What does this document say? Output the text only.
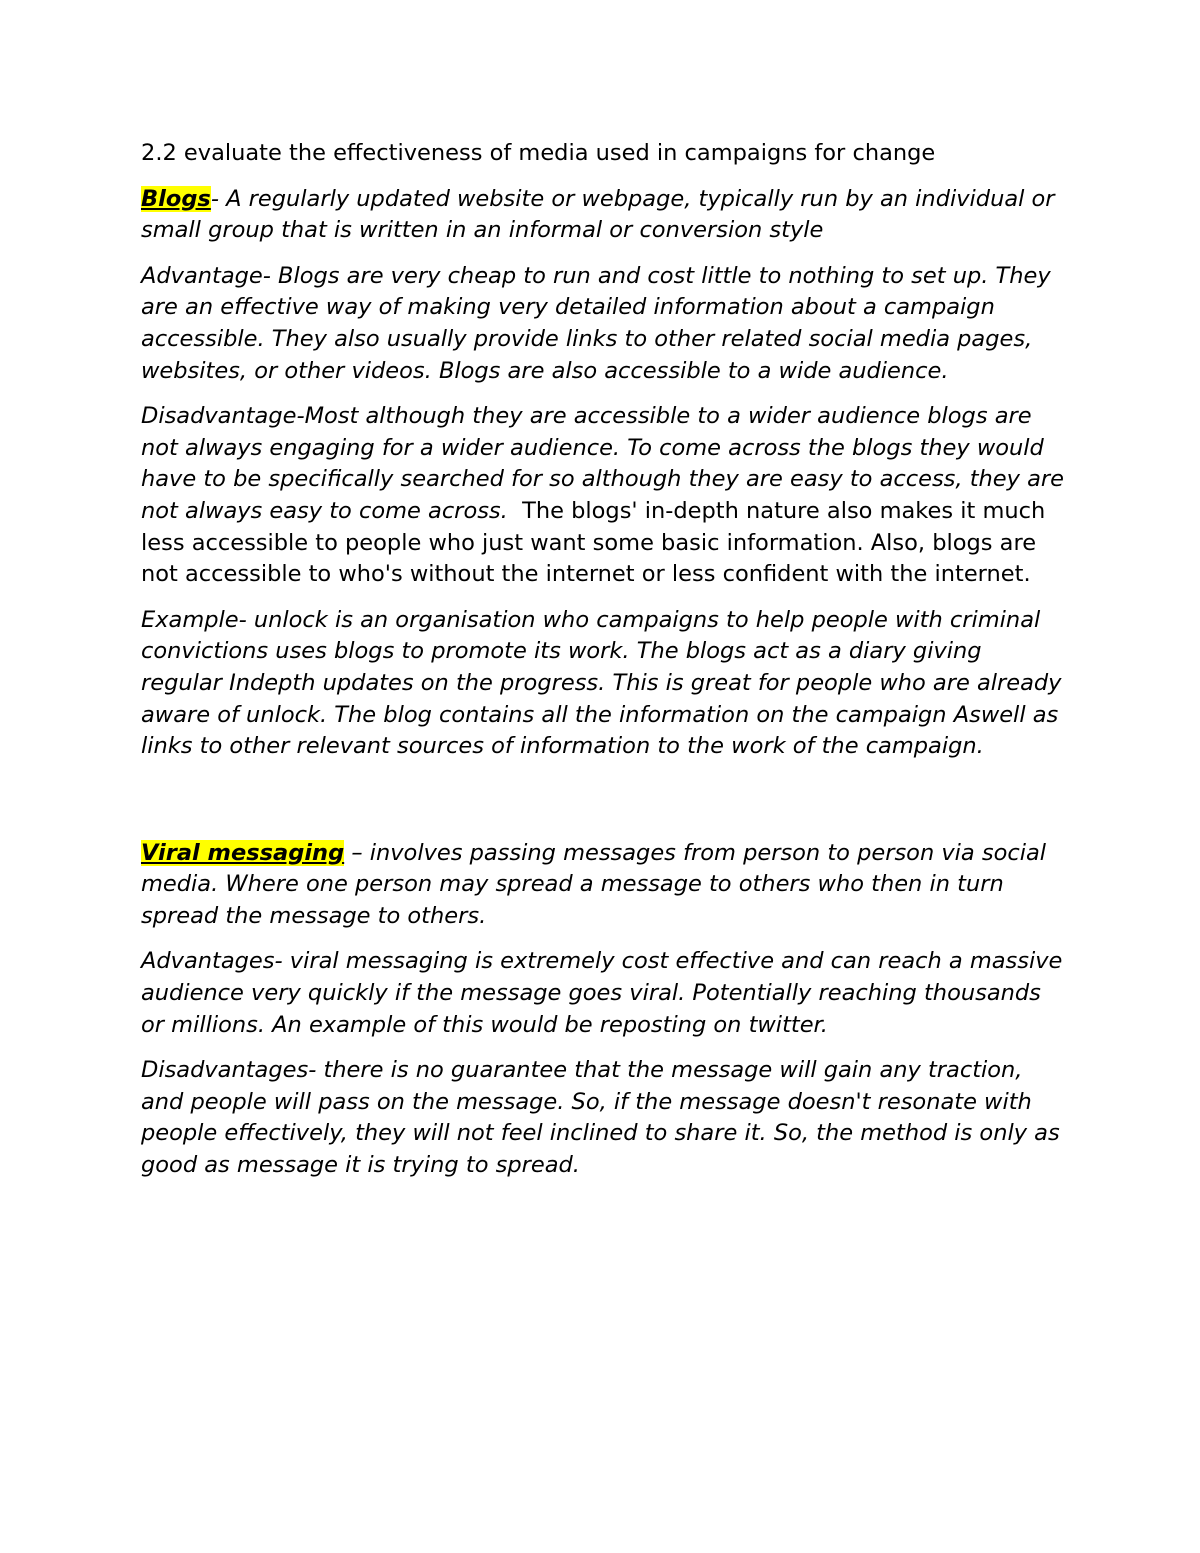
2.2 evaluate the effectiveness of media used in campaigns for change

Blogs- A regularly updated website or webpage, typically run by an individual or small group that is written in an informal or conversion style

Advantage- Blogs are very cheap to run and cost little to nothing to set up. They are an effective way of making very detailed information about a campaign accessible. They also usually provide links to other related social media pages, websites, or other videos. Blogs are also accessible to a wide audience.

Disadvantage-Most although they are accessible to a wider audience blogs are not always engaging for a wider audience. To come across the blogs they would have to be specifically searched for so although they are easy to access, they are not always easy to come across.  The blogs' in-depth nature also makes it much less accessible to people who just want some basic information. Also, blogs are not accessible to who's without the internet or less confident with the internet.

Example- unlock is an organisation who campaigns to help people with criminal convictions uses blogs to promote its work. The blogs act as a diary giving regular Indepth updates on the progress. This is great for people who are already aware of unlock. The blog contains all the information on the campaign Aswell as links to other relevant sources of information to the work of the campaign.

Viral messaging – involves passing messages from person to person via social media. Where one person may spread a message to others who then in turn spread the message to others.

Advantages- viral messaging is extremely cost effective and can reach a massive audience very quickly if the message goes viral. Potentially reaching thousands or millions. An example of this would be reposting on twitter.

Disadvantages- there is no guarantee that the message will gain any traction, and people will pass on the message. So, if the message doesn't resonate with people effectively, they will not feel inclined to share it. So, the method is only as good as message it is trying to spread.
